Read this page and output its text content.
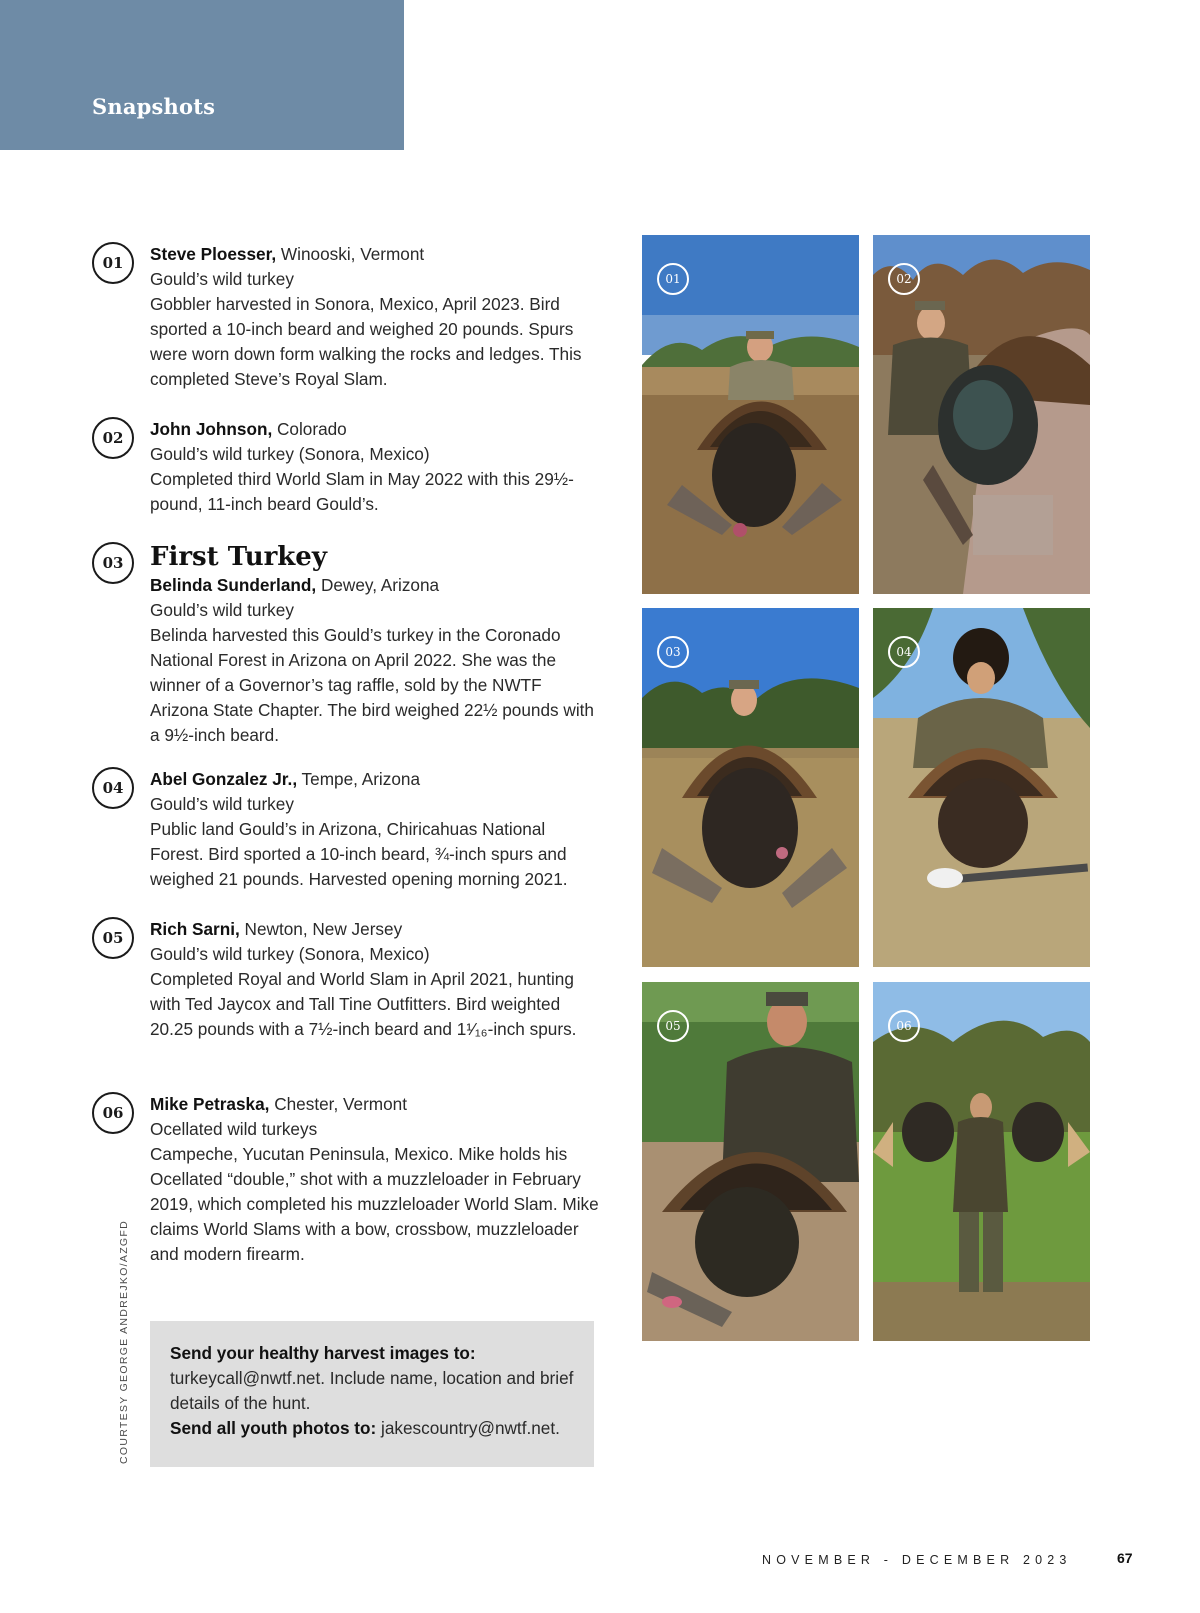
Snapshots
01	Steve Ploesser, Winooski, Vermont

Gould’s wild turkey

Gobbler harvested in Sonora, Mexico, April 2023. Bird sported a 10-inch beard and weighed 20 pounds. Spurs were worn down form walking the rocks and ledges. This completed Steve’s Royal Slam.

02	John Johnson, Colorado

Gould’s wild turkey (Sonora, Mexico)

Completed third World Slam in May 2022 with this 29½-pound, 11-inch beard Gould’s.

03	First Turkey

Belinda Sunderland, Dewey, Arizona

Gould’s wild turkey

Belinda harvested this Gould’s turkey in the Coronado National Forest in Arizona on April 2022. She was the winner of a Governor’s tag raffle, sold by the NWTF Arizona State Chapter. The bird weighed 22½ pounds with a 9½-inch beard.

04	Abel Gonzalez Jr., Tempe, Arizona

Gould’s wild turkey

Public land Gould’s in Arizona, Chiricahuas National Forest. Bird sported a 10-inch beard, ¾-inch spurs and weighed 21 pounds. Harvested opening morning 2021.

05	Rich Sarni, Newton, New Jersey

Gould’s wild turkey (Sonora, Mexico)

Completed Royal and World Slam in April 2021, hunting with Ted Jaycox and Tall Tine Outfitters. Bird weighted 20.25 pounds with a 7½-inch beard and 1¹⁄₁₆-inch spurs.

06	Mike Petraska, Chester, Vermont

Ocellated wild turkeys

Campeche, Yucutan Peninsula, Mexico. Mike holds his Ocellated “double,” shot with a muzzleloader in February 2019, which completed his muzzleloader World Slam. Mike claims World Slams with a bow, crossbow, muzzleloader and modern firearm.

Send your healthy harvest images to: turkeycall@nwtf.net. Include name, location and brief details of the hunt.
Send all youth photos to: jakescountry@nwtf.net.
COURTESY GEORGE ANDREJKO/AZGFD
01	02
03	04
05	06
NOVEMBER - DECEMBER 2023	67
